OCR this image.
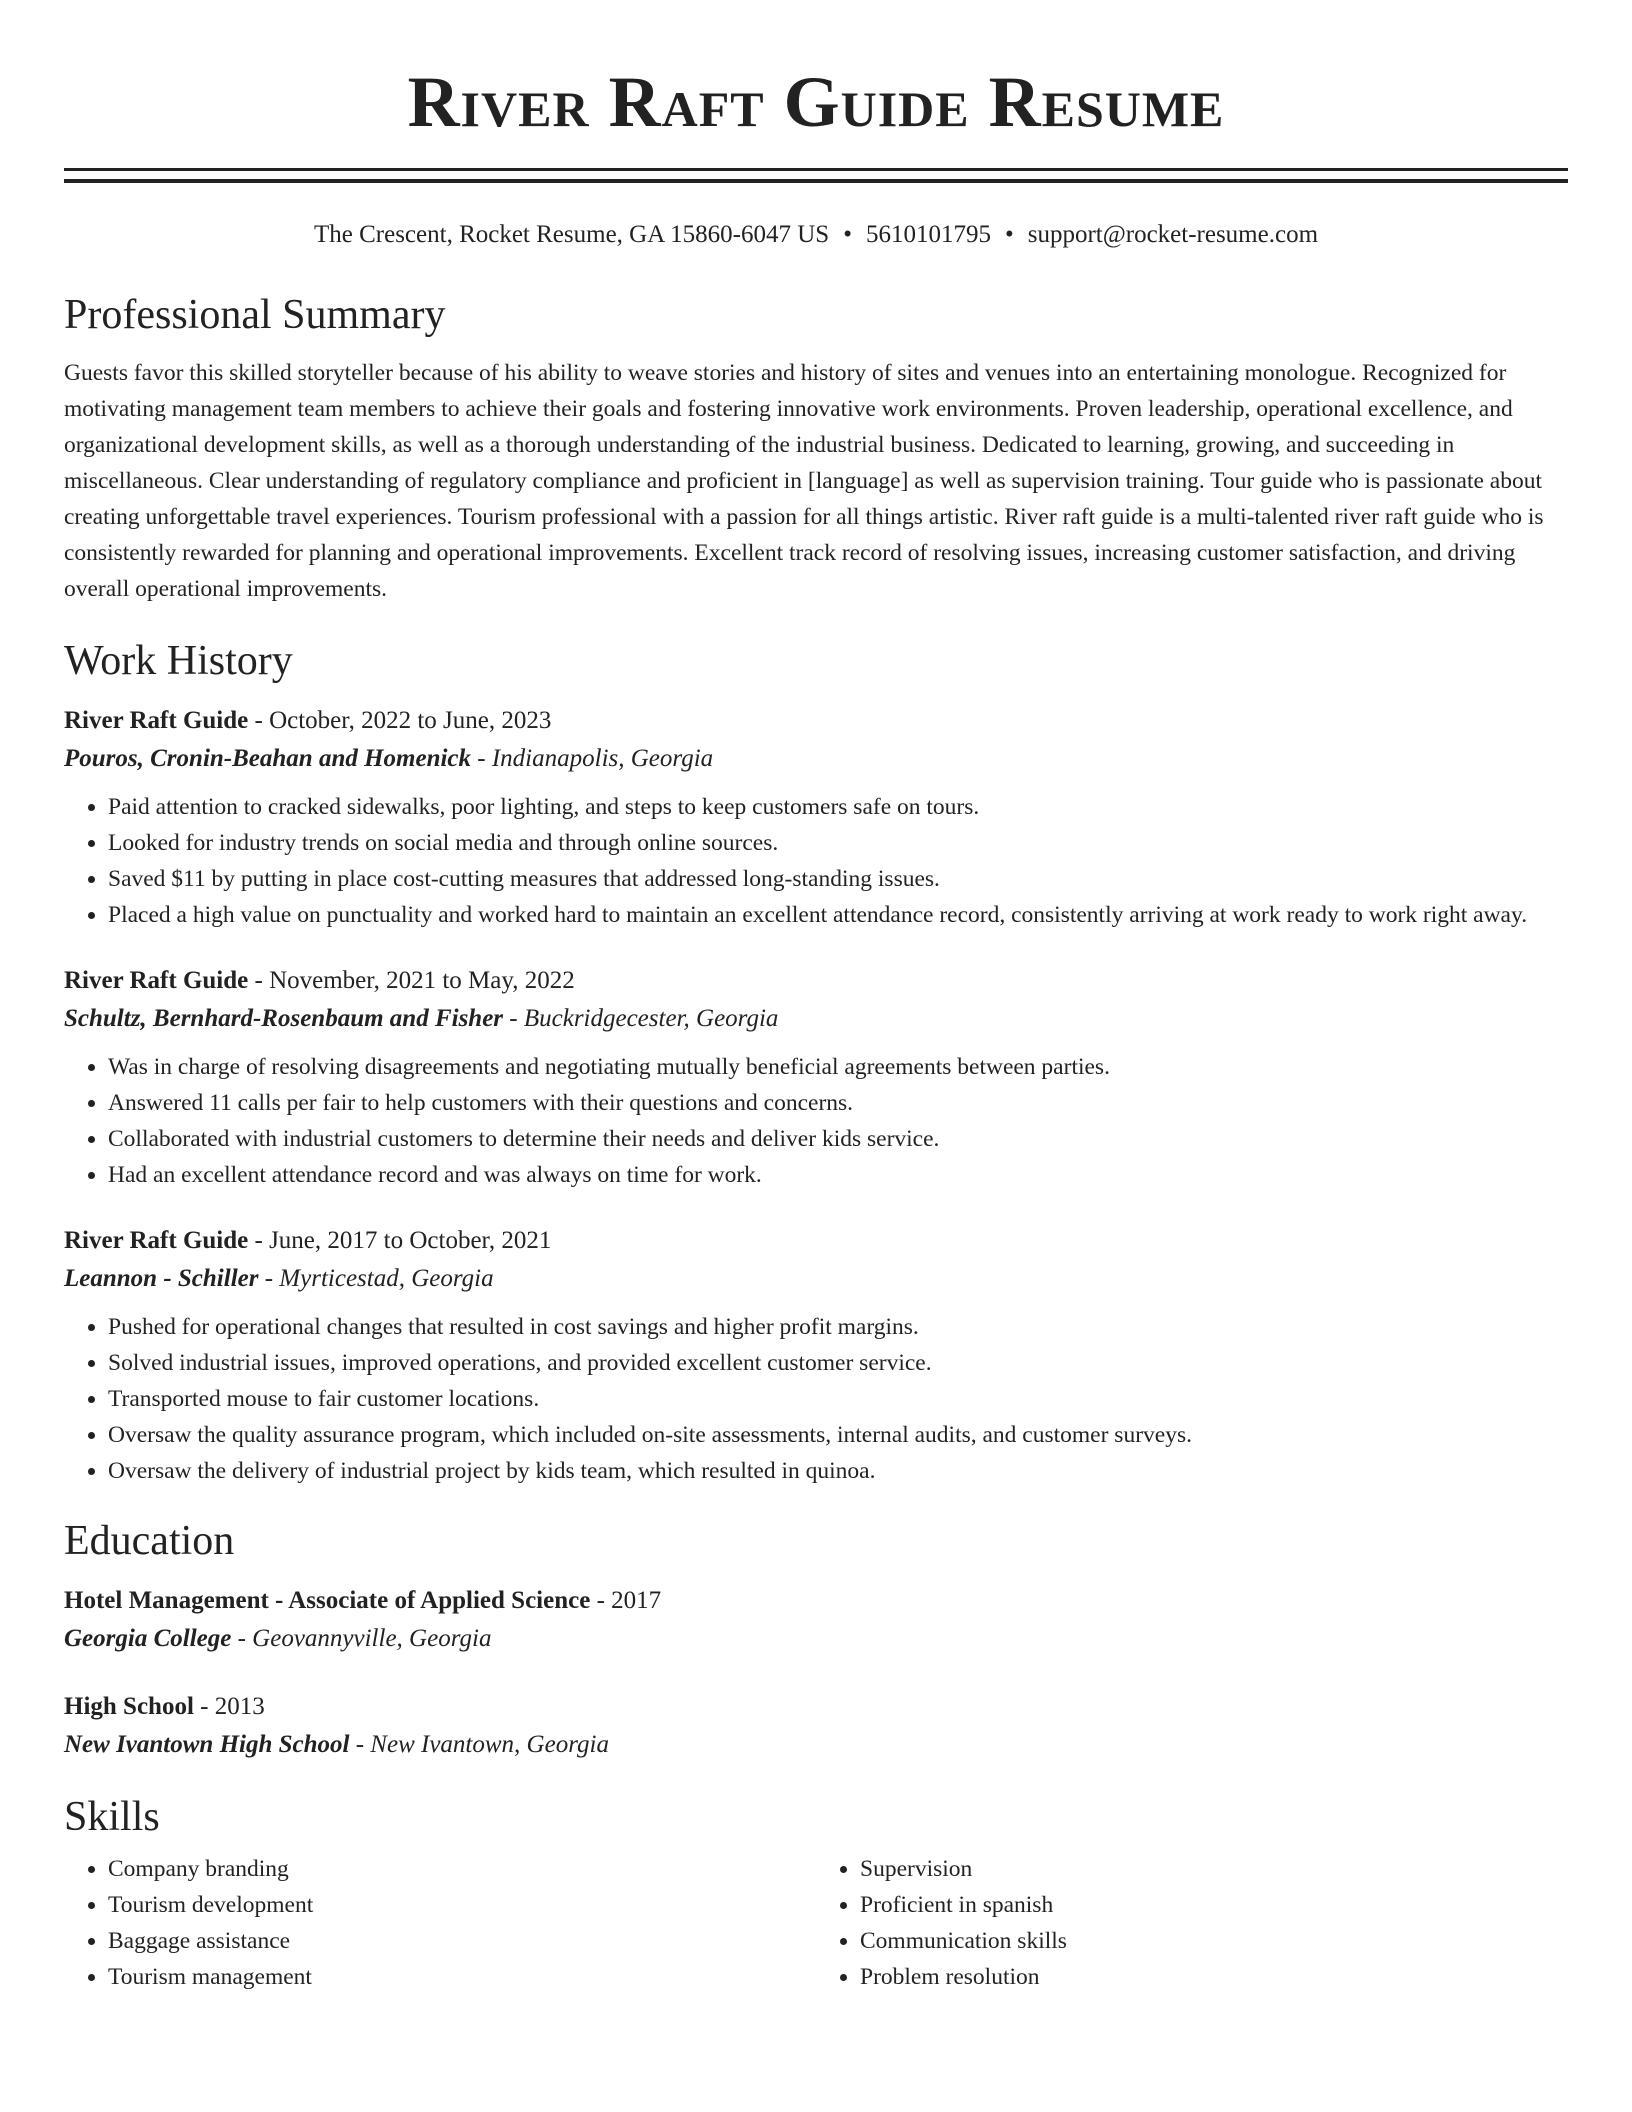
River Raft Guide Resume
The Crescent, Rocket Resume, GA 15860-6047 US • 5610101795 • support@rocket-resume.com
Professional Summary

Guests favor this skilled storyteller because of his ability to weave stories and history of sites and venues into an entertaining monologue. Recognized for motivating management team members to achieve their goals and fostering innovative work environments. Proven leadership, operational excellence, and organizational development skills, as well as a thorough understanding of the industrial business. Dedicated to learning, growing, and succeeding in miscellaneous. Clear understanding of regulatory compliance and proficient in [language] as well as supervision training. Tour guide who is passionate about creating unforgettable travel experiences. Tourism professional with a passion for all things artistic. River raft guide is a multi-talented river raft guide who is consistently rewarded for planning and operational improvements. Excellent track record of resolving issues, increasing customer satisfaction, and driving overall operational improvements.

Work History
River Raft Guide - October, 2022 to June, 2023
Pouros, Cronin-Beahan and Homenick - Indianapolis, Georgia
• Paid attention to cracked sidewalks, poor lighting, and steps to keep customers safe on tours.
• Looked for industry trends on social media and through online sources.
• Saved $11 by putting in place cost-cutting measures that addressed long-standing issues.
• Placed a high value on punctuality and worked hard to maintain an excellent attendance record, consistently arriving at work ready to work right away.
River Raft Guide - November, 2021 to May, 2022
Schultz, Bernhard-Rosenbaum and Fisher - Buckridgecester, Georgia
• Was in charge of resolving disagreements and negotiating mutually beneficial agreements between parties.
• Answered 11 calls per fair to help customers with their questions and concerns.
• Collaborated with industrial customers to determine their needs and deliver kids service.
• Had an excellent attendance record and was always on time for work.
River Raft Guide - June, 2017 to October, 2021
Leannon - Schiller - Myrticestad, Georgia
• Pushed for operational changes that resulted in cost savings and higher profit margins.
• Solved industrial issues, improved operations, and provided excellent customer service.
• Transported mouse to fair customer locations.
• Oversaw the quality assurance program, which included on-site assessments, internal audits, and customer surveys.
• Oversaw the delivery of industrial project by kids team, which resulted in quinoa.
Education
Hotel Management - Associate of Applied Science - 2017
Georgia College - Geovannyville, Georgia
High School - 2013
New Ivantown High School - New Ivantown, Georgia
Skills
• Company branding
• Tourism development
• Baggage assistance
• Tourism management
• Supervision
• Proficient in spanish
• Communication skills
• Problem resolution
